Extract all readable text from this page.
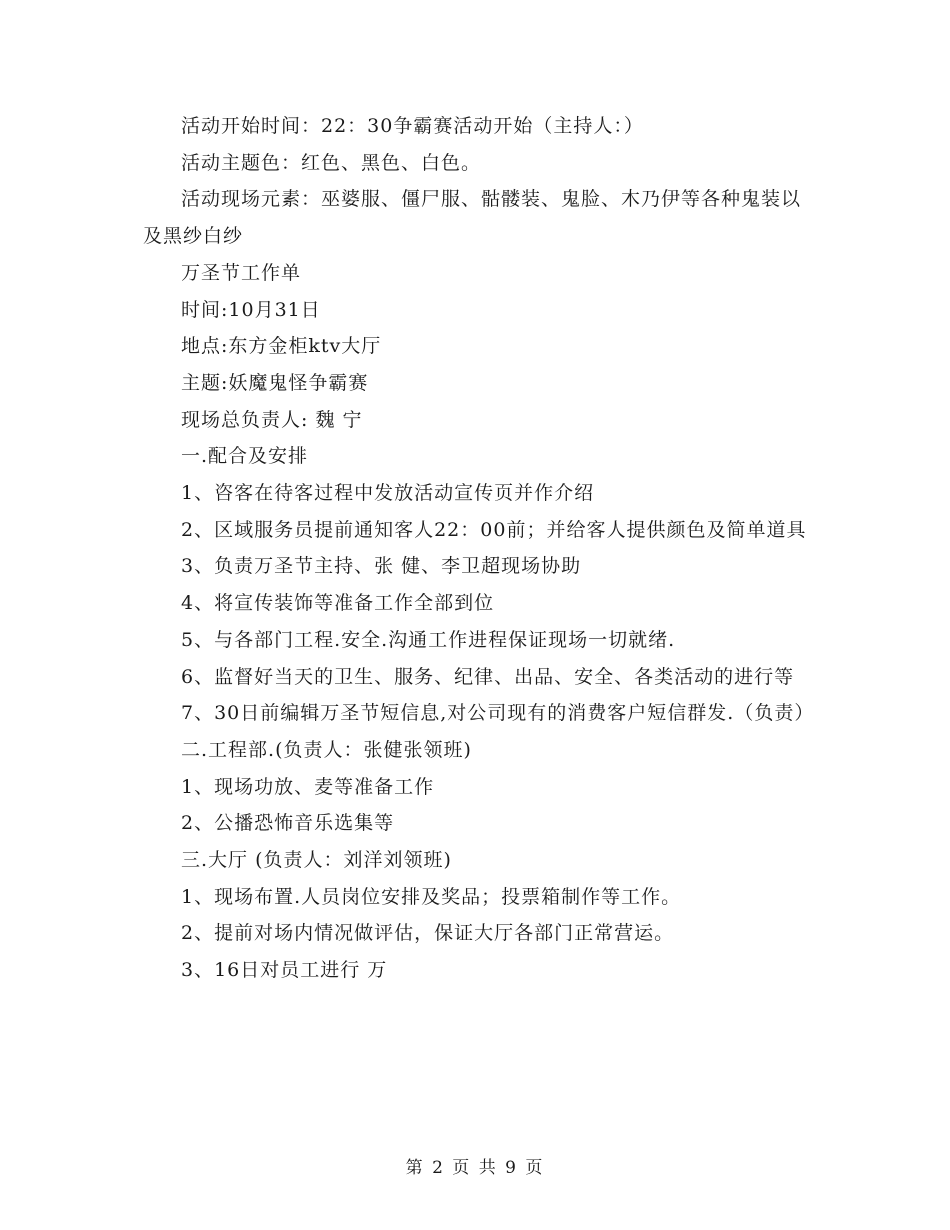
活动开始时间：22：30争霸赛活动开始（主持人：）

活动主题色：红色、黑色、白色。

活动现场元素：巫婆服、僵尸服、骷髅装、鬼脸、木乃伊等各种鬼装以及黑纱白纱

万圣节工作单

时间:10月31日

地点:东方金柜ktv大厅

主题:妖魔鬼怪争霸赛

现场总负责人: 魏 宁

一.配合及安排

1、咨客在待客过程中发放活动宣传页并作介绍

2、区域服务员提前通知客人22：00前；并给客人提供颜色及简单道具

3、负责万圣节主持、张 健、李卫超现场协助

4、将宣传装饰等准备工作全部到位

5、与各部门工程.安全.沟通工作进程保证现场一切就绪.

6、监督好当天的卫生、服务、纪律、出品、安全、各类活动的进行等

7、30日前编辑万圣节短信息,对公司现有的消费客户短信群发.（负责）

二.工程部.(负责人：张健张领班)

1、现场功放、麦等准备工作

2、公播恐怖音乐选集等

三.大厅 (负责人：刘洋刘领班)

1、现场布置.人员岗位安排及奖品；投票箱制作等工作。

2、提前对场内情况做评估，保证大厅各部门正常营运。

3、16日对员工进行 万

第 2 页 共 9 页
